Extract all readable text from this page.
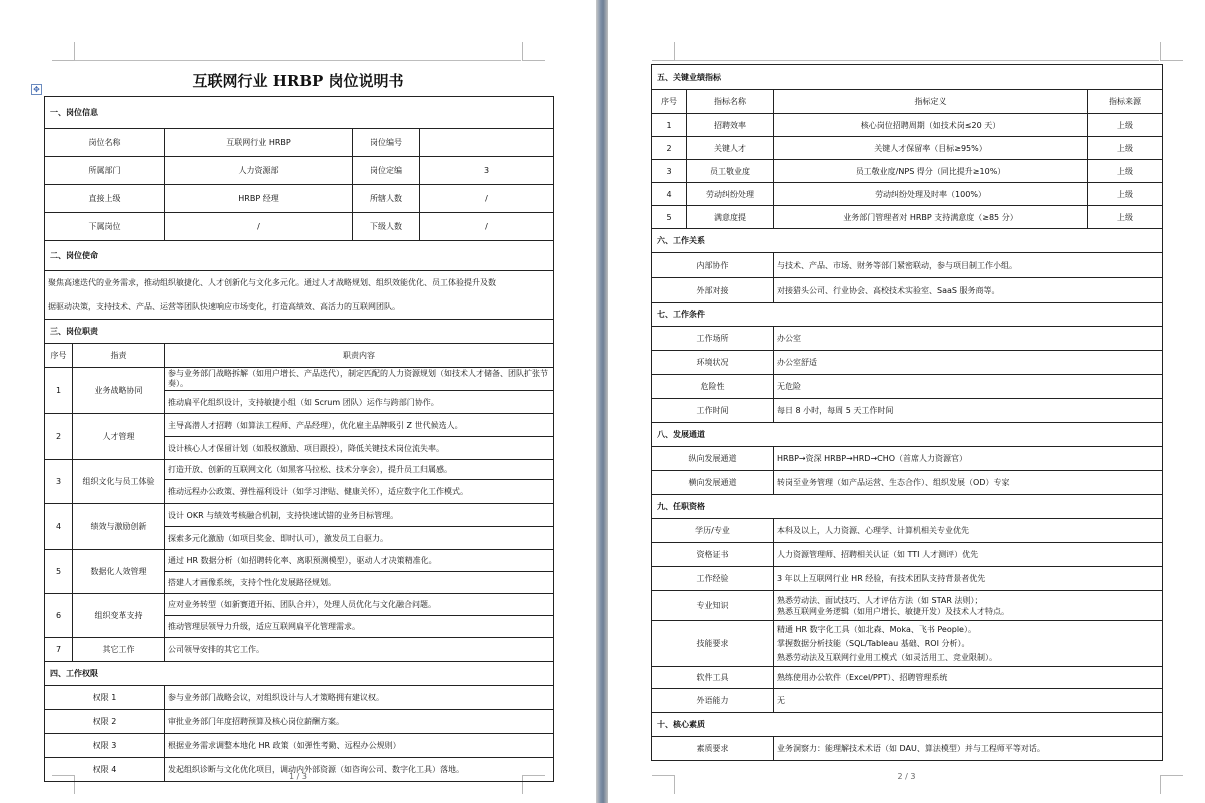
✥	互联网行业 HRBP 岗位说明书
一、岗位信息				
岗位名称		互联网行业 HRBP	岗位编号	
所属部门		人力资源部	岗位定编	3
直接上级		HRBP 经理	所辖人数	/
下属岗位		/	下级人数	/
二、岗位使命				

聚焦高速迭代的业务需求，推动组织敏捷化、人才创新化与文化多元化。通过人才战略规划、组织效能优化、员工体验提升及数
据驱动决策，支持技术、产品、运营等团队快速响应市场变化，打造高绩效、高活力的互联网团队。				

三、岗位职责				
序号	指责	职责内容		
1	业务战略协同	参与业务部门战略拆解（如用户增长、产品迭代），制定匹配的人力资源规划（如技术人才储备、团队扩张节奏）。		
		推动扁平化组织设计，支持敏捷小组（如 Scrum 团队）运作与跨部门协作。		
2	人才管理	主导高潜人才招聘（如算法工程师、产品经理），优化雇主品牌吸引 Z 世代候选人。		
		设计核心人才保留计划（如股权激励、项目跟投），降低关键技术岗位流失率。		
3	组织文化与员工体验	打造开放、创新的互联网文化（如黑客马拉松、技术分享会），提升员工归属感。		
		推动远程办公政策、弹性福利设计（如学习津贴、健康关怀），适应数字化工作模式。		
4	绩效与激励创新	设计 OKR 与绩效考核融合机制，支持快速试错的业务目标管理。		
		探索多元化激励（如项目奖金、即时认可），激发员工自驱力。		
5	数据化人效管理	通过 HR 数据分析（如招聘转化率、离职预测模型），驱动人才决策精准化。		
		搭建人才画像系统，支持个性化发展路径规划。		
6	组织变革支持	应对业务转型（如新赛道开拓、团队合并），处理人员优化与文化融合问题。		
		推动管理层领导力升级，适应互联网扁平化管理需求。		
7	其它工作	公司领导安排的其它工作。		
四、工作权限				
权限 1		参与业务部门战略会议，对组织设计与人才策略拥有建议权。		
权限 2		审批业务部门年度招聘预算及核心岗位薪酬方案。		
权限 3		根据业务需求调整本地化 HR 政策（如弹性考勤、远程办公规则）		
权限 4		发起组织诊断与文化优化项目，调动内外部资源（如咨询公司、数字化工具）落地。		
1 / 3
五、关键业绩指标			
序号	指标名称	指标定义	指标来源
1	招聘效率	核心岗位招聘周期（如技术岗≤20 天）	上级
2	关键人才	关键人才保留率（目标≥95%）	上级
3	员工敬业度	员工敬业度/NPS 得分（同比提升≥10%）	上级
4	劳动纠纷处理	劳动纠纷处理及时率（100%）	上级
5	满意度提	业务部门管理者对 HRBP 支持满意度（≥85 分）	上级
六、工作关系			
内部协作		与技术、产品、市场、财务等部门紧密联动，参与项目制工作小组。	
外部对接		对接猎头公司、行业协会、高校技术实验室、SaaS 服务商等。	
七、工作条件			
工作场所		办公室	
环境状况		办公室舒适	
危险性		无危险	
工作时间		每日 8 小时，每周 5 天工作时间	
八、发展通道			
纵向发展通道		HRBP→资深 HRBP→HRD→CHO（首席人力资源官）	
横向发展通道		转岗至业务管理（如产品运营、生态合作）、组织发展（OD）专家	
九、任职资格			
学历/专业		本科及以上，人力资源、心理学、计算机相关专业优先	
资格证书		人力资源管理师、招聘相关认证（如 TTI 人才测评）优先	
工作经验		3 年以上互联网行业 HR 经验，有技术团队支持背景者优先	
专业知识		熟悉劳动法、面试技巧、人才评估方法（如 STAR 法则）；
熟悉互联网业务逻辑（如用户增长、敏捷开发）及技术人才特点。	

技能要求		精通 HR 数字化工具（如北森、Moka、飞书 People）。
掌握数据分析技能（SQL/Tableau 基础、ROI 分析）。
熟悉劳动法及互联网行业用工模式（如灵活用工、竞业限制）。	

软件工具		熟练使用办公软件（Excel/PPT）、招聘管理系统	
外语能力		无	
十、核心素质			
素质要求		业务洞察力：能理解技术术语（如 DAU、算法模型）并与工程师平等对话。	
2 / 3
